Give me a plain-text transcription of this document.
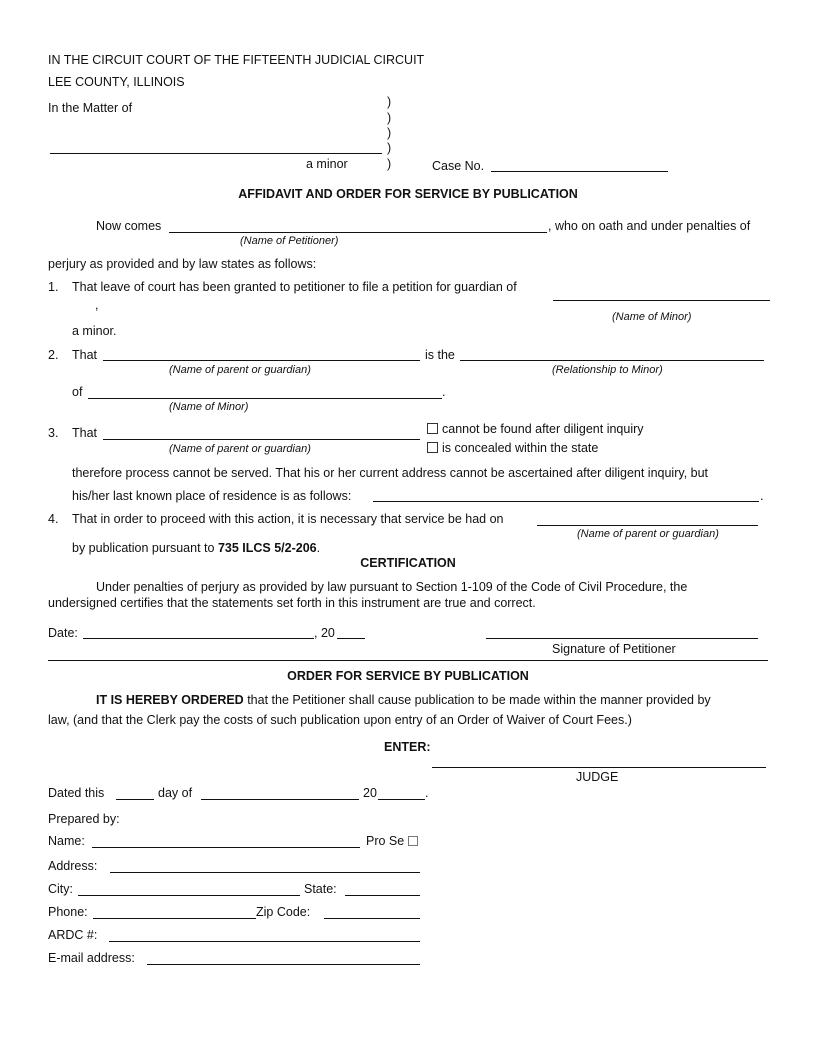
IN THE CIRCUIT COURT OF THE FIFTEENTH JUDICIAL CIRCUIT
LEE COUNTY, ILLINOIS
In the Matter of	)
)
)
)
)
a minor	Case No.
AFFIDAVIT AND ORDER FOR SERVICE BY PUBLICATION
Now comes	, who on oath and under penalties of
(Name of Petitioner)
perjury as provided and by law states as follows:
1. That leave of court has been granted to petitioner to file a petition for guardian of
,
(Name of Minor)
a minor.
2. That	is the
(Name of parent or guardian)	(Relationship to Minor)
of	.
(Name of Minor)
3. That
(Name of parent or guardian)
cannot be found after diligent inquiry
is concealed within the state
therefore process cannot be served. That his or her current address cannot be ascertained after diligent inquiry, but
his/her last known place of residence is as follows:	.
4. That in order to proceed with this action, it is necessary that service be had on
(Name of parent or guardian)
by publication pursuant to 735 ILCS 5/2-206.
CERTIFICATION
Under penalties of perjury as provided by law pursuant to Section 1-109 of the Code of Civil Procedure, the
undersigned certifies that the statements set forth in this instrument are true and correct.
Date:	, 20
Signature of Petitioner
ORDER FOR SERVICE BY PUBLICATION
IT IS HEREBY ORDERED that the Petitioner shall cause publication to be made within the manner provided by
law, (and that the Clerk pay the costs of such publication upon entry of an Order of Waiver of Court Fees.)
ENTER:
JUDGE
Dated this	day of	20	.
Prepared by:
Name:	Pro Se
Address:
City:	State:
Phone:	Zip Code:
ARDC #:
E-mail address:
